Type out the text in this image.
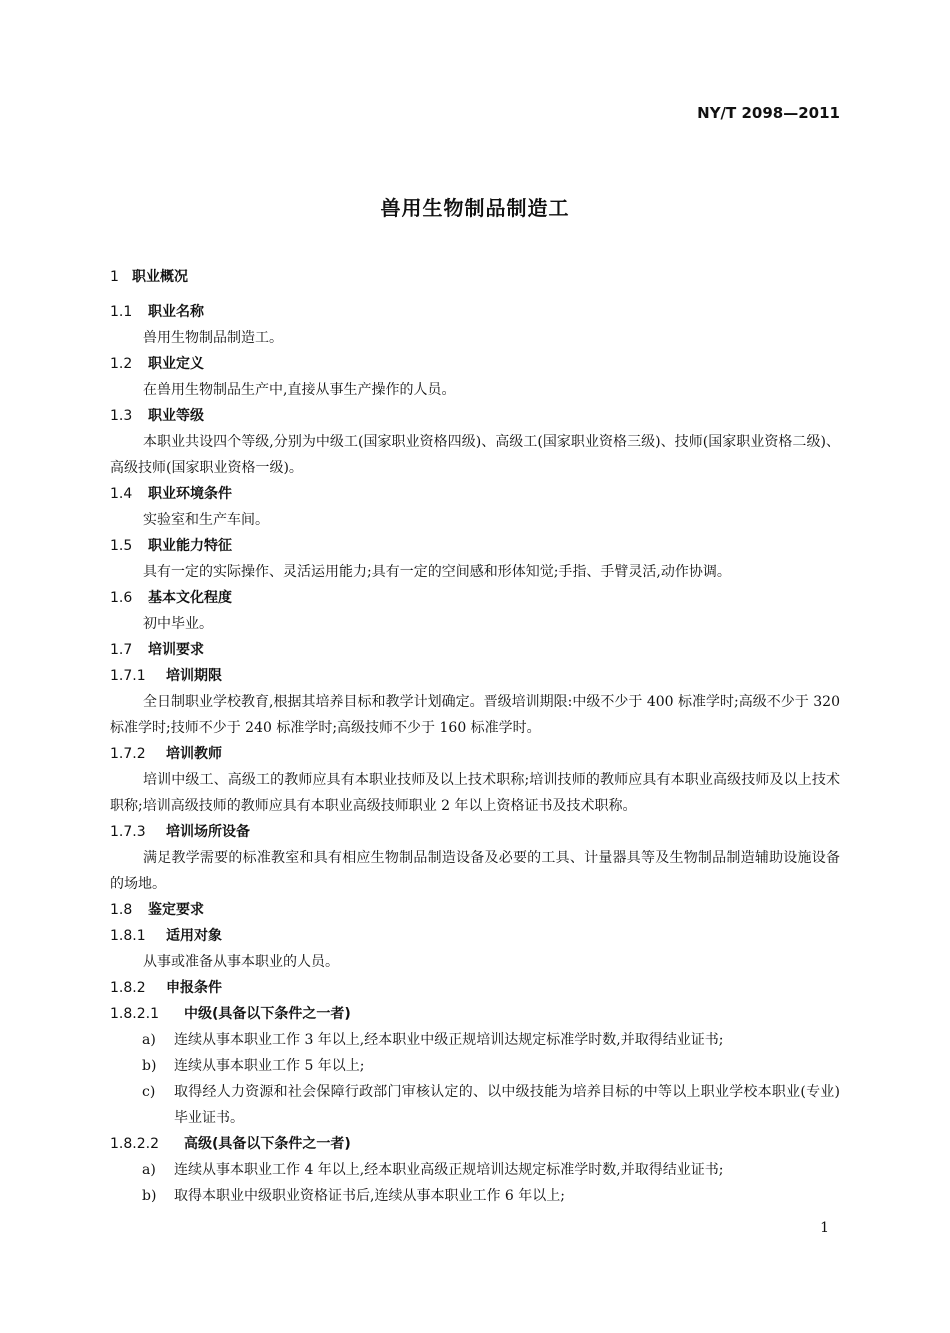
NY/T 2098—2011
兽用生物制品制造工
1 职业概况
1.1 职业名称

兽用生物制品制造工。

1.2 职业定义

在兽用生物制品生产中,直接从事生产操作的人员。

1.3 职业等级

本职业共设四个等级,分别为中级工(国家职业资格四级)、高级工(国家职业资格三级)、技师(国家职业资格二级)、高级技师(国家职业资格一级)。

1.4 职业环境条件

实验室和生产车间。

1.5 职业能力特征

具有一定的实际操作、灵活运用能力;具有一定的空间感和形体知觉;手指、手臂灵活,动作协调。

1.6 基本文化程度

初中毕业。

1.7 培训要求
1.7.1 培训期限

全日制职业学校教育,根据其培养目标和教学计划确定。晋级培训期限:中级不少于 400 标准学时;高级不少于 320 标准学时;技师不少于 240 标准学时;高级技师不少于 160 标准学时。

1.7.2 培训教师

培训中级工、高级工的教师应具有本职业技师及以上技术职称;培训技师的教师应具有本职业高级技师及以上技术职称;培训高级技师的教师应具有本职业高级技师职业 2 年以上资格证书及技术职称。

1.7.3 培训场所设备

满足教学需要的标准教室和具有相应生物制品制造设备及必要的工具、计量器具等及生物制品制造辅助设施设备的场地。

1.8 鉴定要求
1.8.1 适用对象

从事或准备从事本职业的人员。

1.8.2 申报条件
1.8.2.1 中级(具备以下条件之一者)
a) 连续从事本职业工作 3 年以上,经本职业中级正规培训达规定标准学时数,并取得结业证书;
b) 连续从事本职业工作 5 年以上;
c) 取得经人力资源和社会保障行政部门审核认定的、以中级技能为培养目标的中等以上职业学校本职业(专业)毕业证书。
1.8.2.2 高级(具备以下条件之一者)
a) 连续从事本职业工作 4 年以上,经本职业高级正规培训达规定标准学时数,并取得结业证书;
b) 取得本职业中级职业资格证书后,连续从事本职业工作 6 年以上;
1
